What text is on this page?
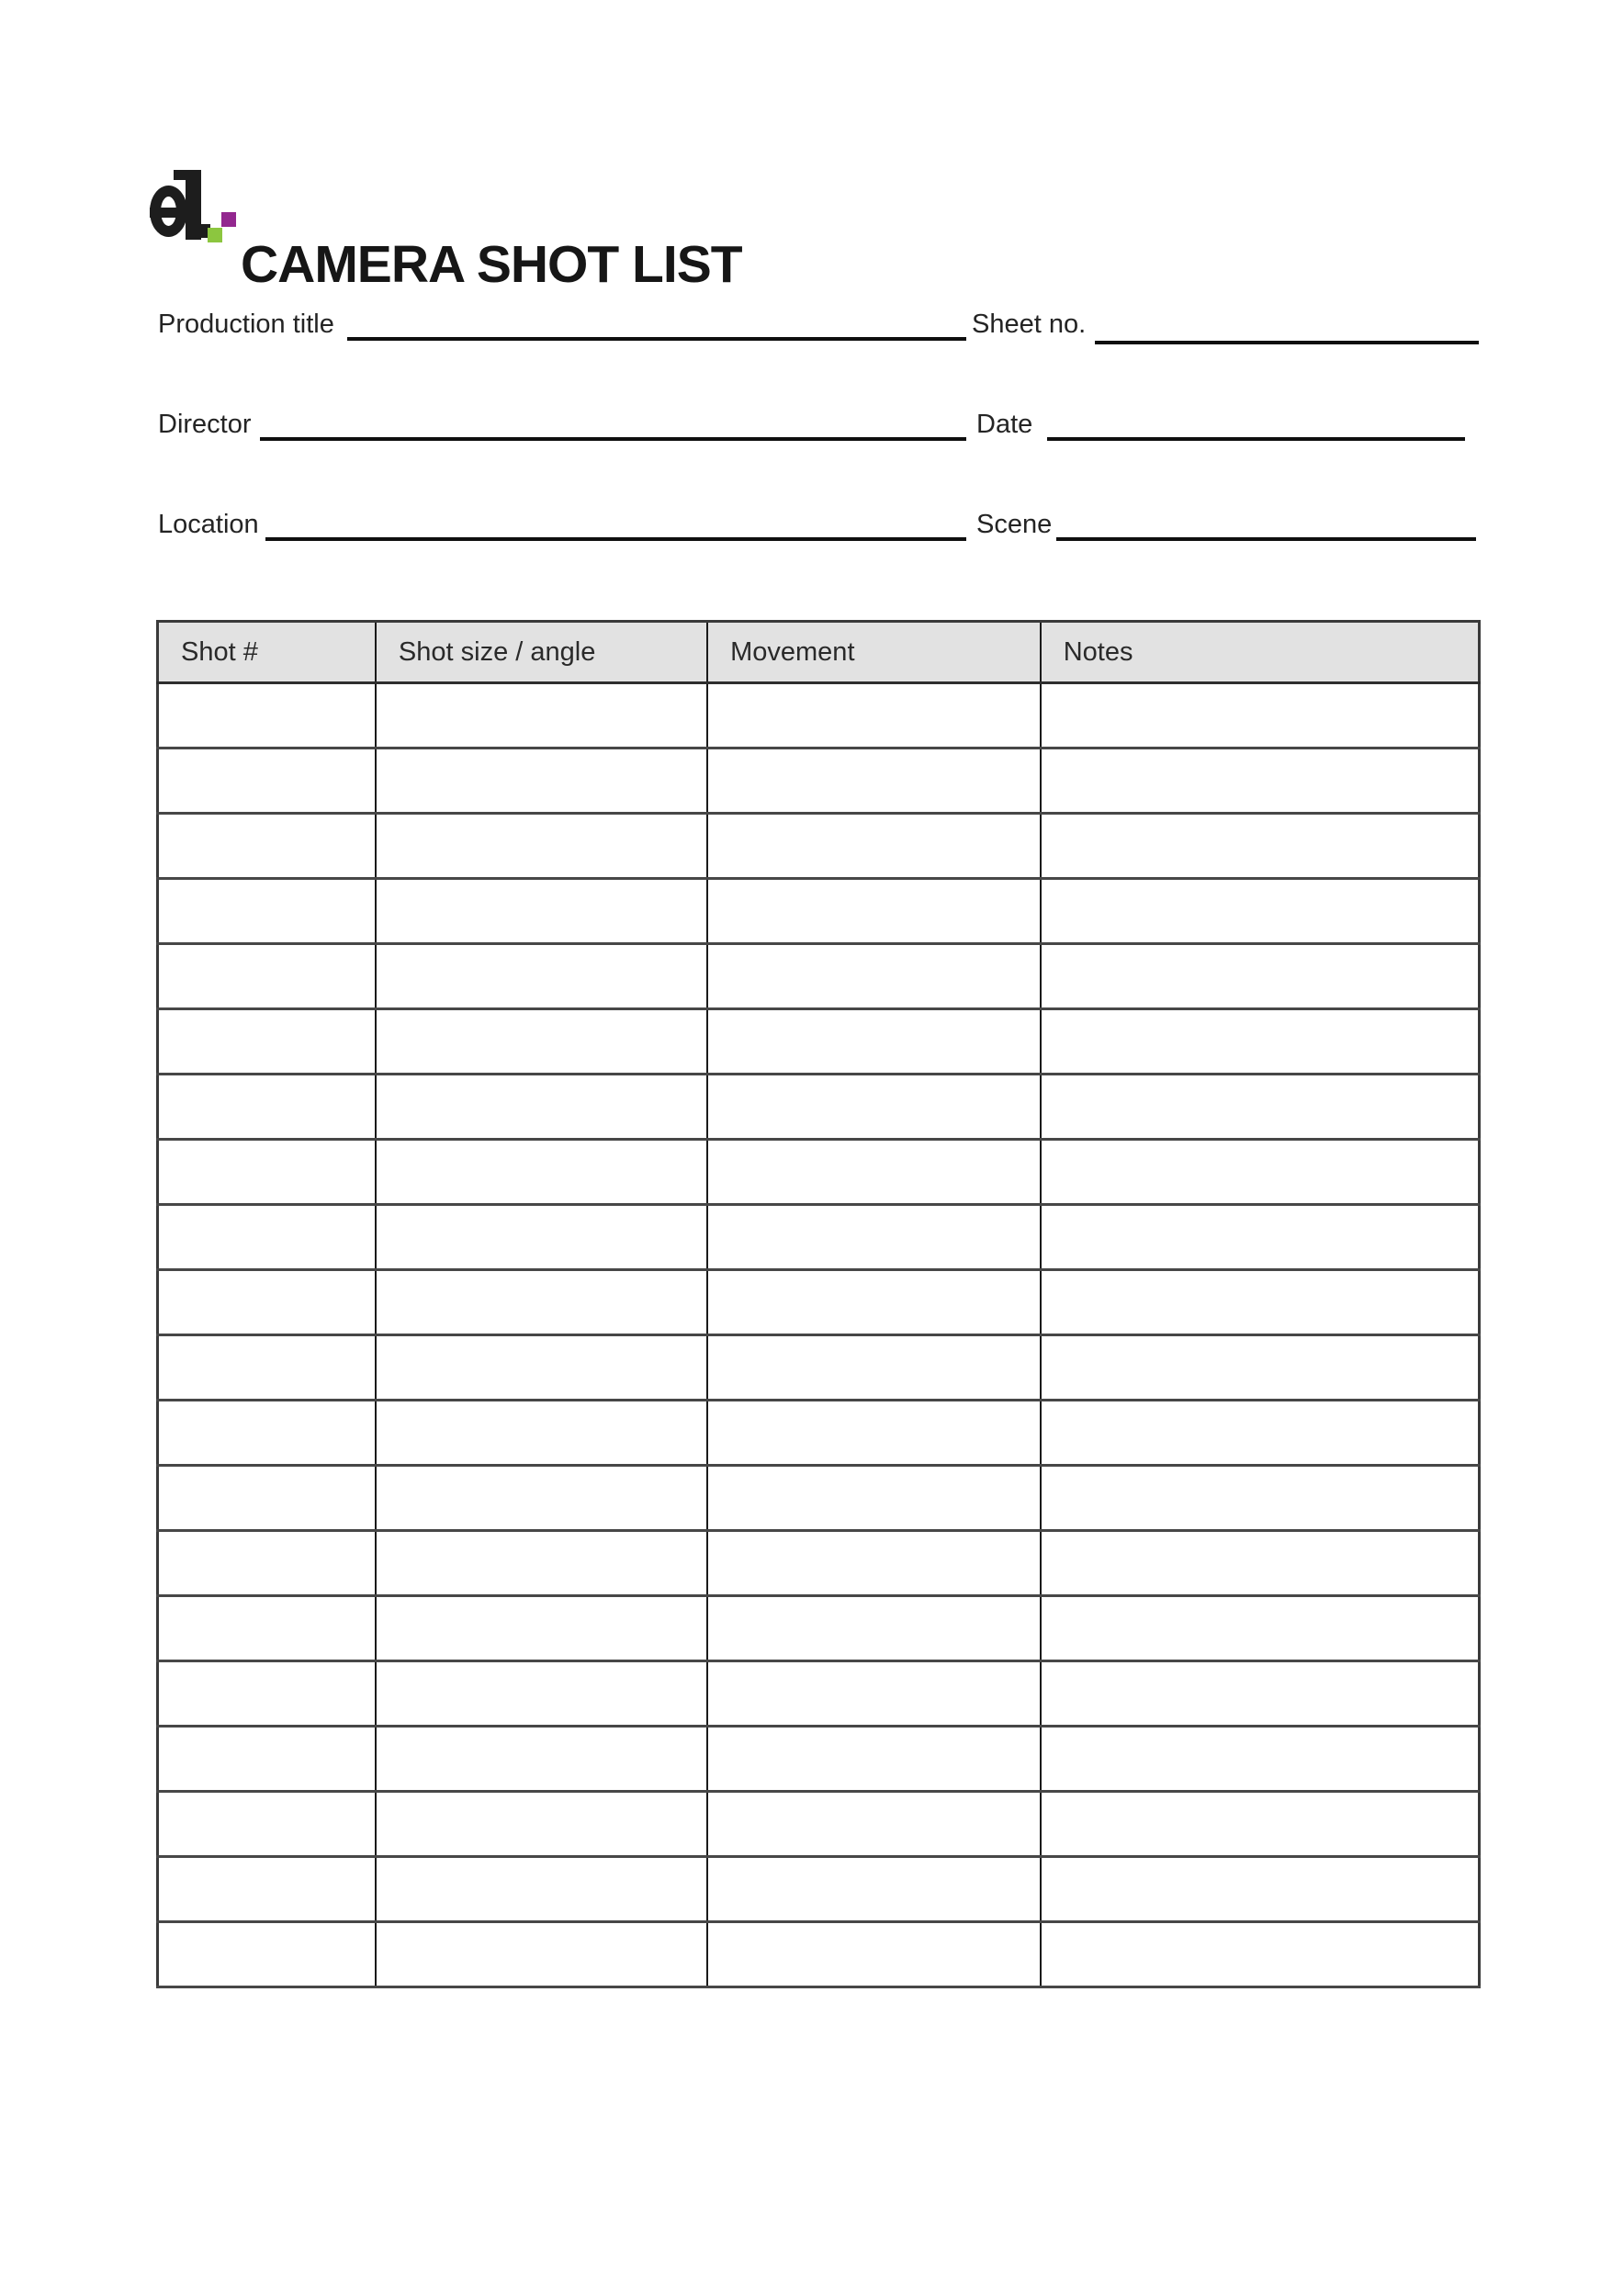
CAMERA SHOT LIST
Production title	Sheet no.
Director	Date
Location	Scene
Shot #	Shot size / angle	Movement	Notes
